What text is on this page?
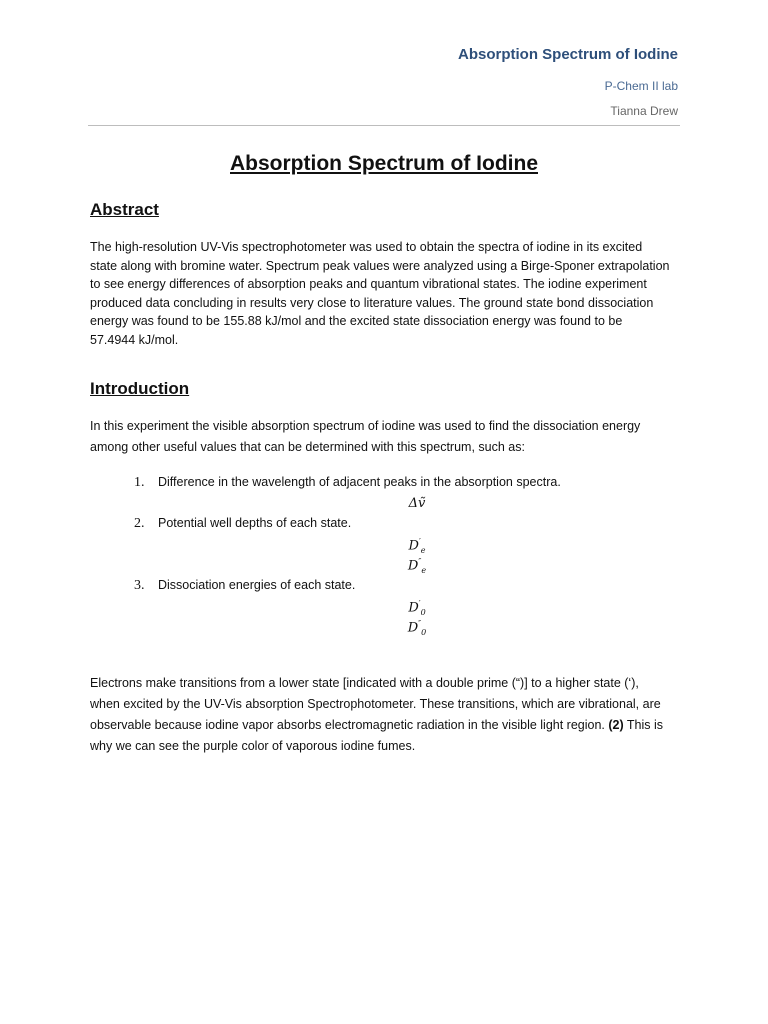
Absorption Spectrum of Iodine
P-Chem II lab
Tianna Drew
Absorption Spectrum of Iodine
Abstract
The high-resolution UV-Vis spectrophotometer was used to obtain the spectra of iodine in its excited state along with bromine water. Spectrum peak values were analyzed using a Birge-Sponer extrapolation to see energy differences of absorption peaks and quantum vibrational states. The iodine experiment produced data concluding in results very close to literature values. The ground state bond dissociation energy was found to be 155.88 kJ/mol and the excited state dissociation energy was found to be 57.4944 kJ/mol.
Introduction
In this experiment the visible absorption spectrum of iodine was used to find the dissociation energy among other useful values that can be determined with this spectrum, such as:
1. Difference in the wavelength of adjacent peaks in the absorption spectra.
Δṽ
2. Potential well depths of each state.
$D'_e$
$D''_e$
3. Dissociation energies of each state.
$D'_0$
$D''_0$
Electrons make transitions from a lower state [indicated with a double prime (“)] to a higher state (‘), when excited by the UV-Vis absorption Spectrophotometer. These transitions, which are vibrational, are observable because iodine vapor absorbs electromagnetic radiation in the visible light region. (2) This is why we can see the purple color of vaporous iodine fumes.
